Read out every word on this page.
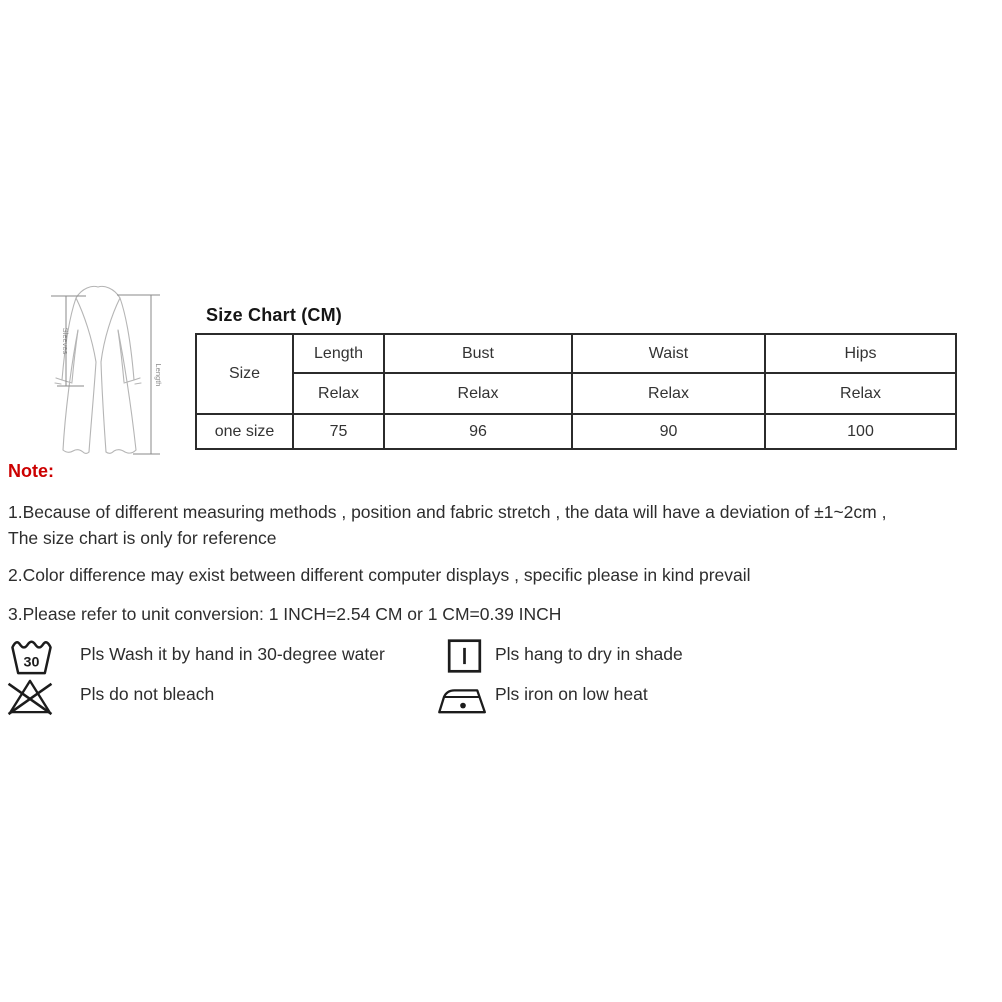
Sleeves
Length
Size Chart (CM)
Size	Length	Bust	Waist	Hips
	Relax	Relax	Relax	Relax
one size	75	96	90	100
Note:
1.Because of different measuring methods , position and fabric stretch , the data will have a deviation of ±1~2cm ,
The size chart is only for reference
2.Color difference may exist between different computer displays , specific please in kind prevail
3.Please refer to unit conversion: 1 INCH=2.54 CM or 1 CM=0.39 INCH
30 Pls Wash it by hand in 30-degree water	Pls hang to dry in shade
Pls do not bleach	Pls iron on low heat
